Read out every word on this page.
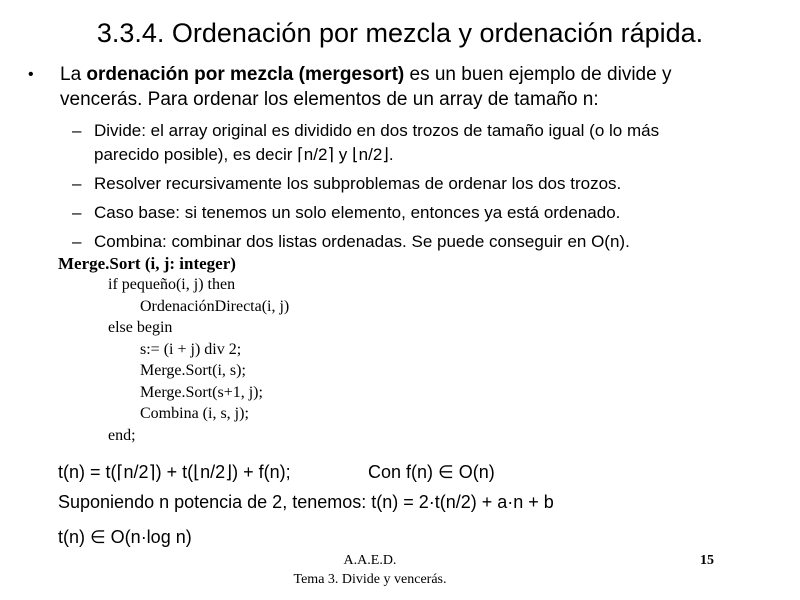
3.3.4. Ordenación por mezcla y ordenación rápida.
• La ordenación por mezcla (mergesort) es un buen ejemplo de divide y
vencerás. Para ordenar los elementos de un array de tamaño n:
– Divide: el array original es dividido en dos trozos de tamaño igual (o lo más
parecido posible), es decir ⌈n/2⌉ y ⌊n/2⌋.
– Resolver recursivamente los subproblemas de ordenar los dos trozos.
– Caso base: si tenemos un solo elemento, entonces ya está ordenado.
– Combina: combinar dos listas ordenadas. Se puede conseguir en O(n).
Merge.Sort (i, j: integer)
if pequeño(i, j) then
OrdenaciónDirecta(i, j)
else begin
s:= (i + j) div 2;
Merge.Sort(i, s);
Merge.Sort(s+1, j);
Combina (i, s, j);
end;
t(n) = t(⌈n/2⌉) + t(⌊n/2⌋) + f(n);	Con f(n) ∈ O(n)
Suponiendo n potencia de 2, tenemos: t(n) = 2·t(n/2) + a·n + b
t(n) ∈ O(n·log n)
A.A.E.D.
Tema 3. Divide y vencerás.
15
